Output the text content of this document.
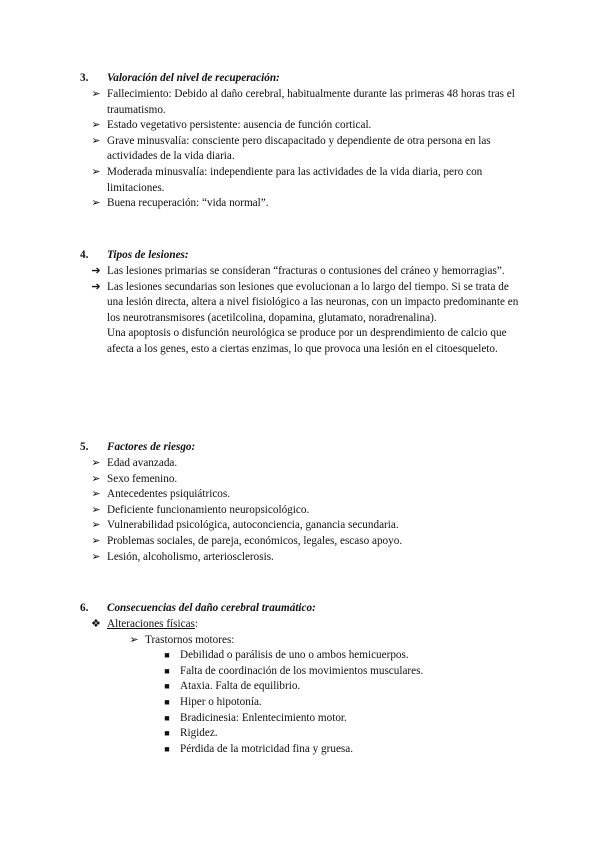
3. Valoración del nivel de recuperación:
➢ Fallecimiento: Debido al daño cerebral, habitualmente durante las primeras 48 horas tras el traumatismo.
➢ Estado vegetativo persistente: ausencia de función cortical.
➢ Grave minusvalía: consciente pero discapacitado y dependiente de otra persona en las actividades de la vida diaria.
➢ Moderada minusvalía: independiente para las actividades de la vida diaria, pero con limitaciones.
➢ Buena recuperación: “vida normal”.
4. Tipos de lesiones:
➔ Las lesiones primarias se consideran “fracturas o contusiones del cráneo y hemorragias”.
➔ Las lesiones secundarias son lesiones que evolucionan a lo largo del tiempo. Si se trata de una lesión directa, altera a nivel fisiológico a las neuronas, con un impacto predominante en los neurotransmisores (acetilcolina, dopamina, glutamato, noradrenalina).
Una apoptosis o disfunción neurológica se produce por un desprendimiento de calcio que afecta a los genes, esto a ciertas enzimas, lo que provoca una lesión en el citoesqueleto.
5. Factores de riesgo:
➢ Edad avanzada.
➢ Sexo femenino.
➢ Antecedentes psiquiátricos.
➢ Deficiente funcionamiento neuropsicológico.
➢ Vulnerabilidad psicológica, autoconciencia, ganancia secundaria.
➢ Problemas sociales, de pareja, económicos, legales, escaso apoyo.
➢ Lesión, alcoholismo, arteriosclerosis.
6. Consecuencias del daño cerebral traumático:
❖ Alteraciones físicas:
➢ Trastornos motores:
■ Debilidad o parálisis de uno o ambos hemicuerpos.
■ Falta de coordinación de los movimientos musculares.
■ Ataxia. Falta de equilibrio.
■ Hiper o hipotonía.
■ Bradicinesia: Enlentecimiento motor.
■ Rigidez.
■ Pérdida de la motricidad fina y gruesa.
